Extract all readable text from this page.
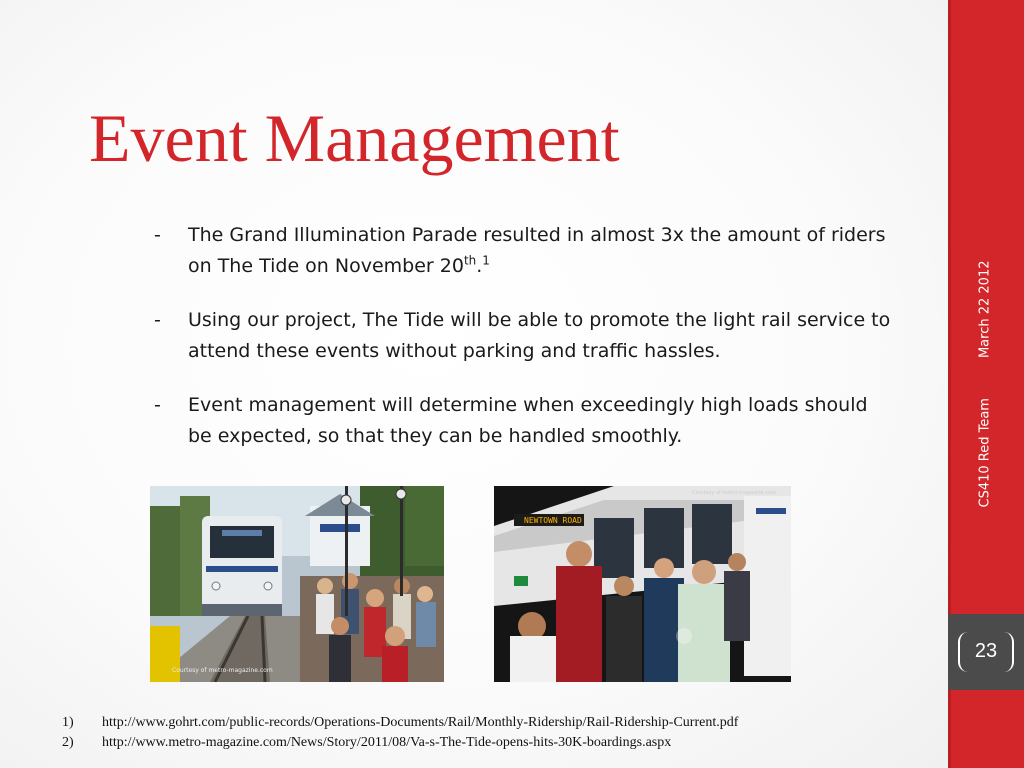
CS410 Red TeamMarch 22 2012
23
Event Management
- The Grand Illumination Parade resulted in almost 3x the amount of riders on The Tide on November 20th.$^1$
- Using our project, The Tide will be able to promote the light rail service to attend these events without parking and traffic hassles.
- Event management will determine when exceedingly high loads should be expected, so that they can be handled smoothly.
Courtesy of metro-magazine.com
NEWTOWN ROAD
Courtesy of metro-magazine.com
1) http://www.gohrt.com/public-records/Operations-Documents/Rail/Monthly-Ridership/Rail-Ridership-Current.pdf
2) http://www.metro-magazine.com/News/Story/2011/08/Va-s-The-Tide-opens-hits-30K-boardings.aspx
